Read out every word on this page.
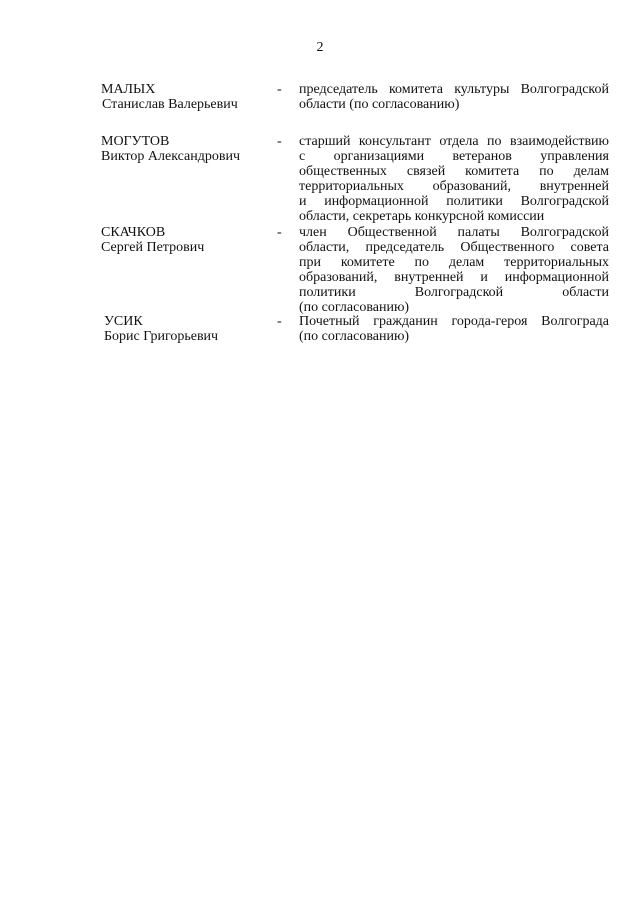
2
МАЛЫХ
Станислав Валерьевич
- председатель комитета культуры Волгоградской
области (по согласованию)
МОГУТОВ
Виктор Александрович
- старший консультант отдела по взаимодействию
с организациями ветеранов управления
общественных связей комитета по делам
территориальных образований, внутренней
и информационной политики Волгоградской
области, секретарь конкурсной комиссии
СКАЧКОВ
Сергей Петрович
- член Общественной палаты Волгоградской
области, председатель Общественного совета
при комитете по делам территориальных
образований, внутренней и информационной
политики Волгоградской области
(по согласованию)
УСИК
Борис Григорьевич
- Почетный гражданин города-героя Волгограда
(по согласованию)
